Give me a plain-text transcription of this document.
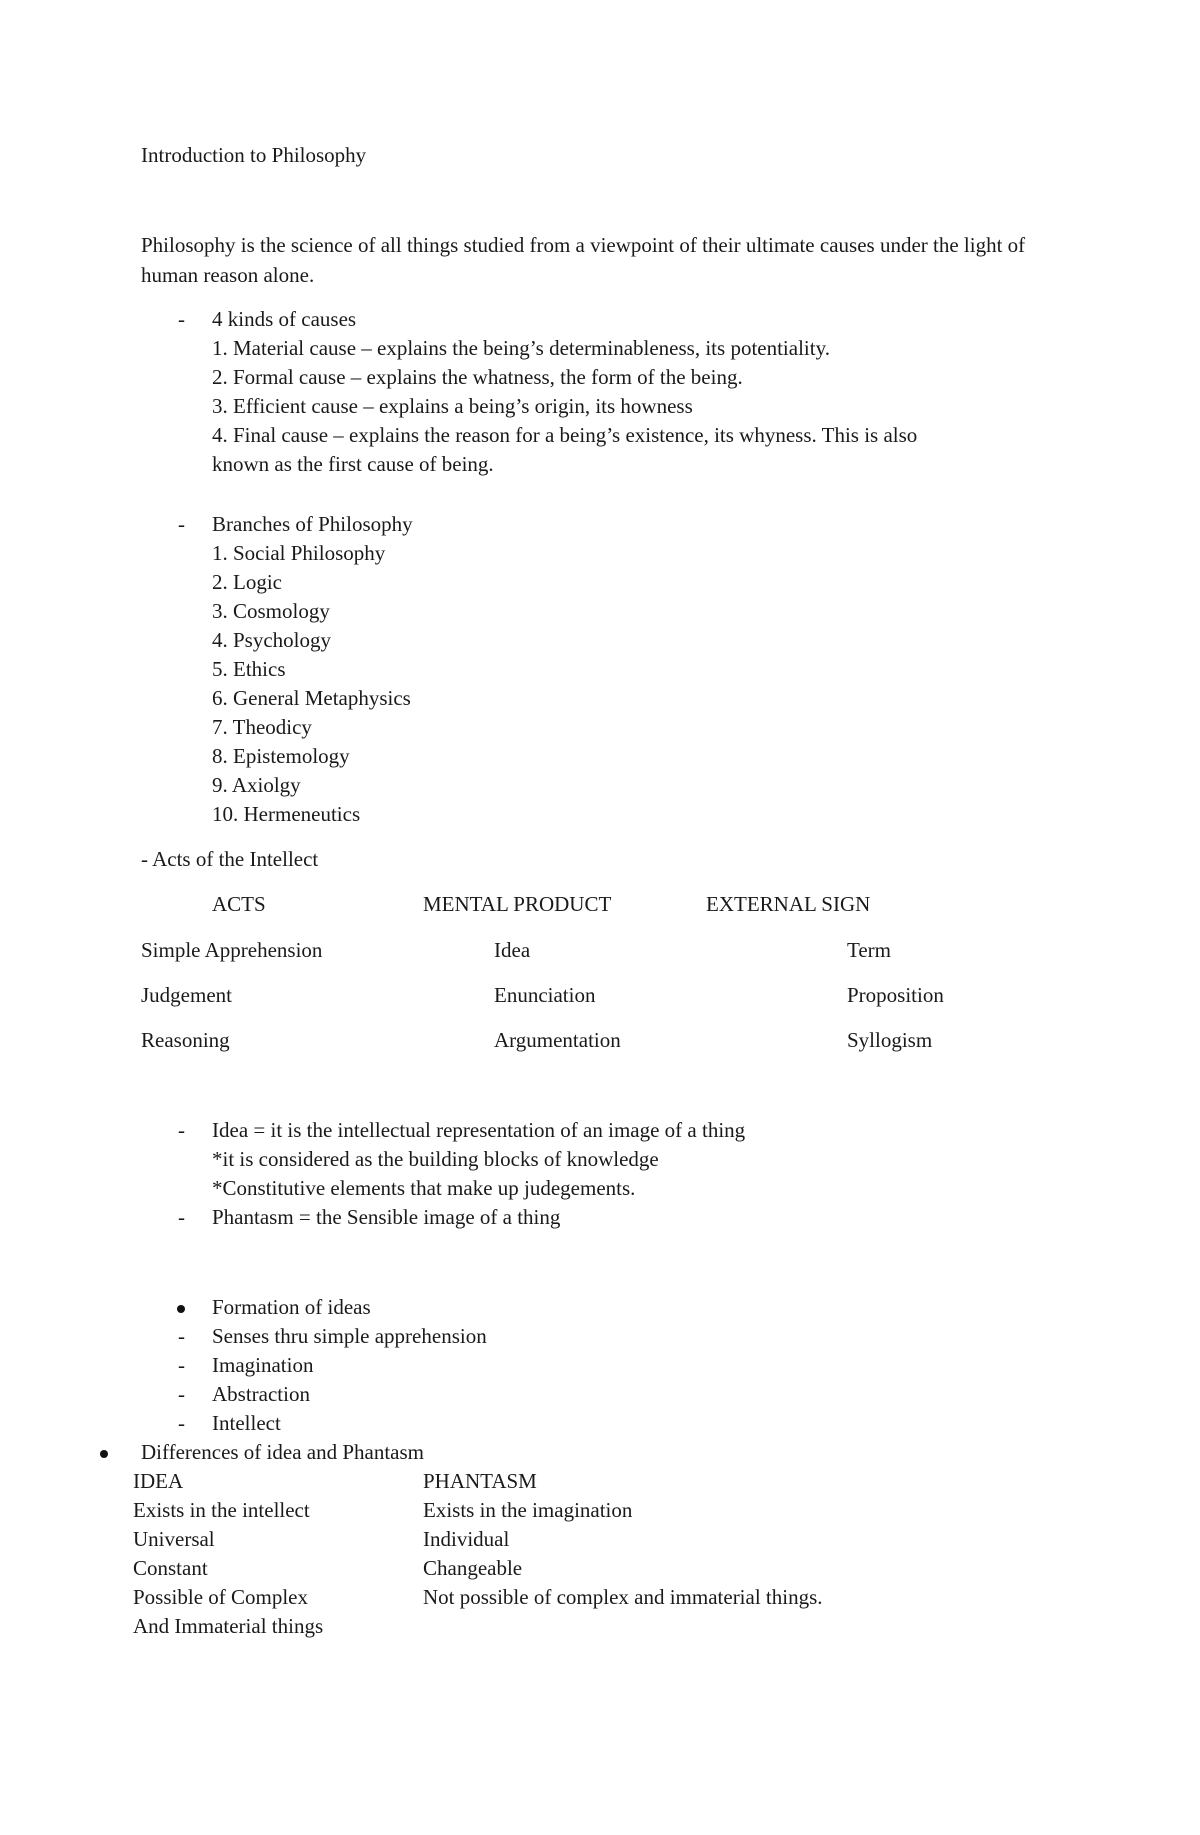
Introduction to Philosophy
Philosophy is the science of all things studied from a viewpoint of their ultimate causes under the light of human reason alone.
- 4 kinds of causes
1. Material cause – explains the being’s determinableness, its potentiality.
2. Formal cause – explains the whatness, the form of the being.
3. Efficient cause – explains a being’s origin, its howness
4. Final cause – explains the reason for a being’s existence, its whyness. This is also
known as the first cause of being.
- Branches of Philosophy
1. Social Philosophy
2. Logic
3. Cosmology
4. Psychology
5. Ethics
6. General Metaphysics
7. Theodicy
8. Epistemology
9. Axiolgy
10. Hermeneutics
- Acts of the Intellect
ACTS	MENTAL PRODUCT	EXTERNAL SIGN
Simple Apprehension	Idea	Term
Judgement	Enunciation	Proposition
Reasoning	Argumentation	Syllogism
- Idea = it is the intellectual representation of an image of a thing
*it is considered as the building blocks of knowledge
*Constitutive elements that make up judegements.
- Phantasm = the Sensible image of a thing
Formation of ideas
- Senses thru simple apprehension
- Imagination
- Abstraction
- Intellect
Differences of idea and Phantasm
IDEA	PHANTASM
Exists in the intellect	Exists in the imagination
Universal	Individual
Constant	Changeable
Possible of Complex	Not possible of complex and immaterial things.
And Immaterial things
